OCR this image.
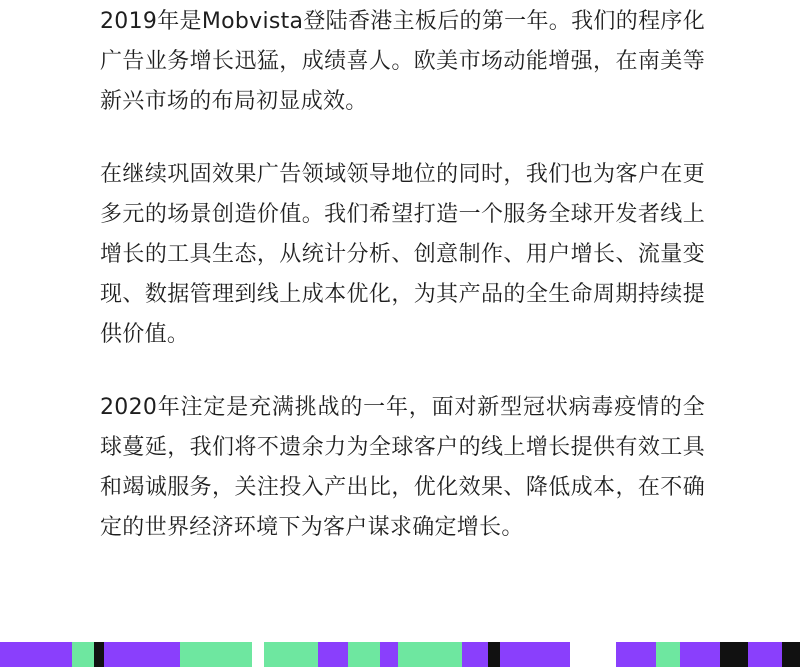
2019年是Mobvista登陆香港主板后的第一年。我们的程序化广告业务增长迅猛，成绩喜人。欧美市场动能增强，在南美等新兴市场的布局初显成效。

在继续巩固效果广告领域领导地位的同时，我们也为客户在更多元的场景创造价值。我们希望打造一个服务全球开发者线上增长的工具生态，从统计分析、创意制作、用户增长、流量变现、数据管理到线上成本优化，为其产品的全生命周期持续提供价值。

2020年注定是充满挑战的一年，面对新型冠状病毒疫情的全球蔓延，我们将不遗余力为全球客户的线上增长提供有效工具和竭诚服务，关注投入产出比，优化效果、降低成本，在不确定的世界经济环境下为客户谋求确定增长。
